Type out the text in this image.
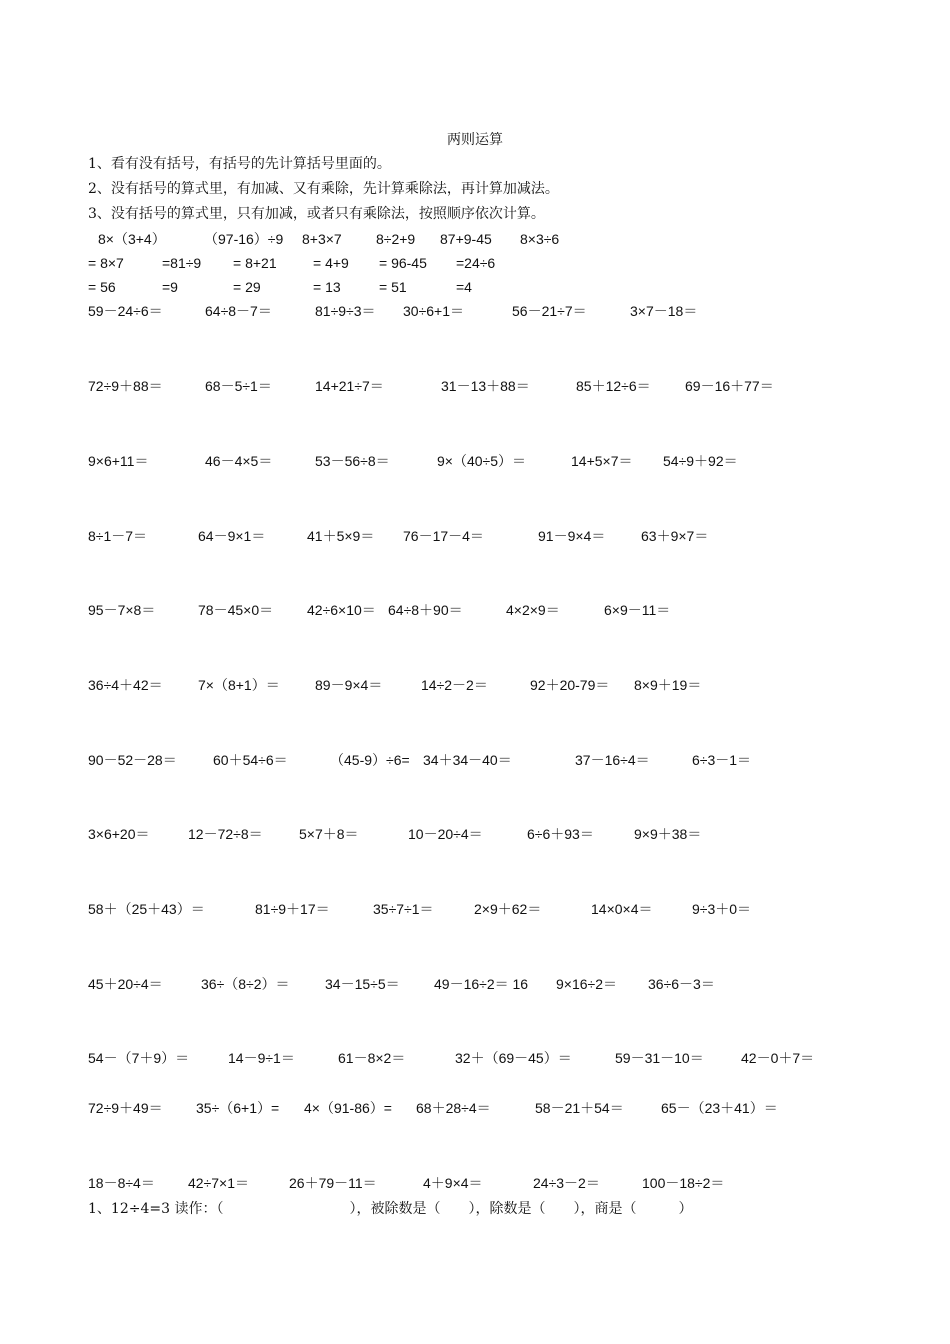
两则运算
1、看有没有括号，有括号的先计算括号里面的。
2、没有括号的算式里，有加减、又有乘除，先计算乘除法，再计算加减法。
3、没有括号的算式里，只有加减，或者只有乘除法，按照顺序依次计算。
8×（3+4）	（97-16）÷9 8+3×7 8÷2+9 87+9-45 8×3÷6
= 8×7	=81÷9 = 8+21	= 4+9 = 96-45 =24÷6
= 56	=9	= 29	= 13	= 51	=4
59－24÷6＝	64÷8－7＝	81÷9÷3＝ 30÷6+1＝	56－21÷7＝	3×7－18＝
72÷9＋88＝	68－5÷1＝	14+21÷7＝	31－13＋88＝	85＋12÷6＝ 69－16＋77＝
9×6+11＝	46－4×5＝	53－56÷8＝	9×（40÷5）＝	14+5×7＝ 54÷9＋92＝
8÷1－7＝	64－9×1＝	41＋5×9＝ 76－17－4＝	91－9×4＝	63＋9×7＝
95－7×8＝	78－45×0＝ 42÷6×10＝ 64÷8＋90＝	4×2×9＝	6×9－11＝
36÷4＋42＝	7×（8+1）＝	89－9×4＝	14÷2－2＝	92＋20-79＝ 8×9＋19＝
90－52－28＝	60＋54÷6＝	（45-9）÷6= 34＋34－40＝	37－16÷4＝	6÷3－1＝
3×6+20＝	12－72÷8＝	5×7＋8＝	10－20÷4＝	6÷6＋93＝	9×9＋38＝
58＋（25＋43）＝	81÷9＋17＝	35÷7÷1＝	2×9＋62＝	14×0×4＝	9÷3＋0＝
45＋20÷4＝	36÷（8÷2）＝	34－15÷5＝ 49－16÷2＝ 16 9×16÷2＝ 36÷6－3＝
54－（7＋9）＝	14－9÷1＝	61－8×2＝	32＋（69－45）＝	59－31－10＝	42－0＋7＝
72÷9＋49＝ 35÷（6+1）= 4×（91-86）= 68＋28÷4＝	58－21＋54＝	65－（23＋41）＝
18－8÷4＝ 42÷7×1＝	26＋79－11＝	4＋9×4＝	24÷3－2＝	100－18÷2＝
1、12÷4=3 读作：（　　　　　　　　　），被除数是（　　），除数是（　　），商是（　　　）
